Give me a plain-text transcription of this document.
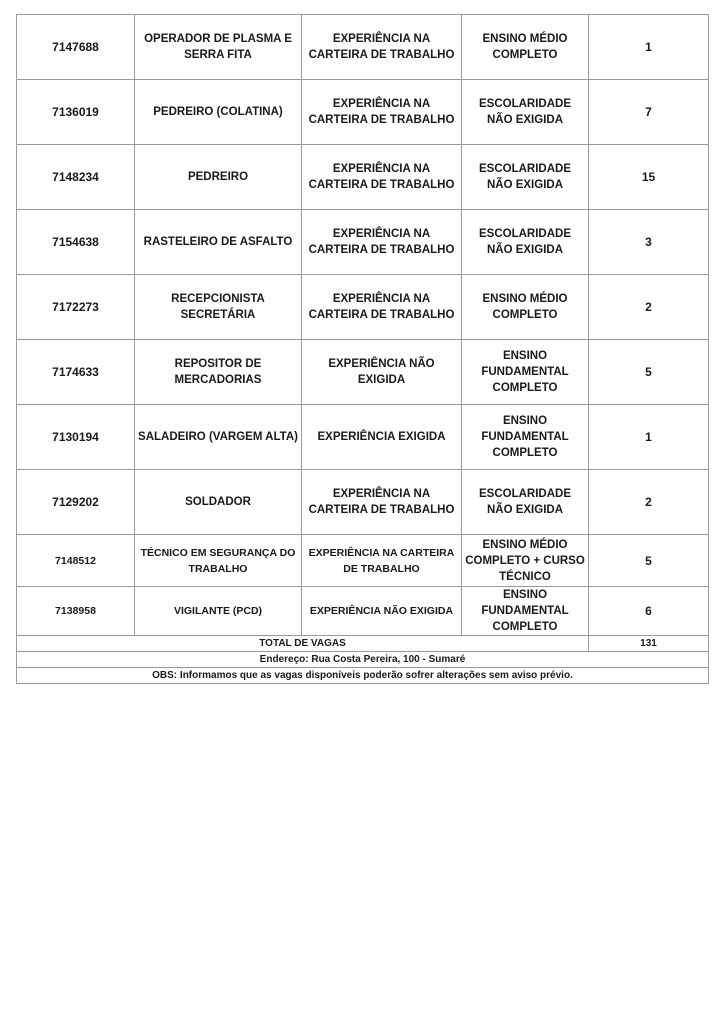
7147688	OPERADOR DE PLASMA E SERRA FITA	EXPERIÊNCIA NA CARTEIRA DE TRABALHO	ENSINO MÉDIO COMPLETO	1
7136019	PEDREIRO (COLATINA)	EXPERIÊNCIA NA CARTEIRA DE TRABALHO	ESCOLARIDADE NÃO EXIGIDA	7
7148234	PEDREIRO	EXPERIÊNCIA NA CARTEIRA DE TRABALHO	ESCOLARIDADE NÃO EXIGIDA	15
7154638	RASTELEIRO DE ASFALTO	EXPERIÊNCIA NA CARTEIRA DE TRABALHO	ESCOLARIDADE NÃO EXIGIDA	3
7172273	RECEPCIONISTA SECRETÁRIA	EXPERIÊNCIA NA CARTEIRA DE TRABALHO	ENSINO MÉDIO COMPLETO	2
7174633	REPOSITOR DE MERCADORIAS	EXPERIÊNCIA NÃO EXIGIDA	ENSINO FUNDAMENTAL COMPLETO	5
7130194	SALADEIRO (VARGEM ALTA)	EXPERIÊNCIA EXIGIDA	ENSINO FUNDAMENTAL COMPLETO	1
7129202	SOLDADOR	EXPERIÊNCIA NA CARTEIRA DE TRABALHO	ESCOLARIDADE NÃO EXIGIDA	2
7148512	TÉCNICO EM SEGURANÇA DO TRABALHO	EXPERIÊNCIA NA CARTEIRA DE TRABALHO	ENSINO MÉDIO COMPLETO + CURSO TÉCNICO	5
7138958	VIGILANTE (PCD)	EXPERIÊNCIA NÃO EXIGIDA	ENSINO FUNDAMENTAL COMPLETO	6
TOTAL DE VAGAS				131
Endereço: Rua Costa Pereira, 100 - Sumaré				
OBS: Informamos que as vagas disponíveis poderão sofrer alterações sem aviso prévio.				
